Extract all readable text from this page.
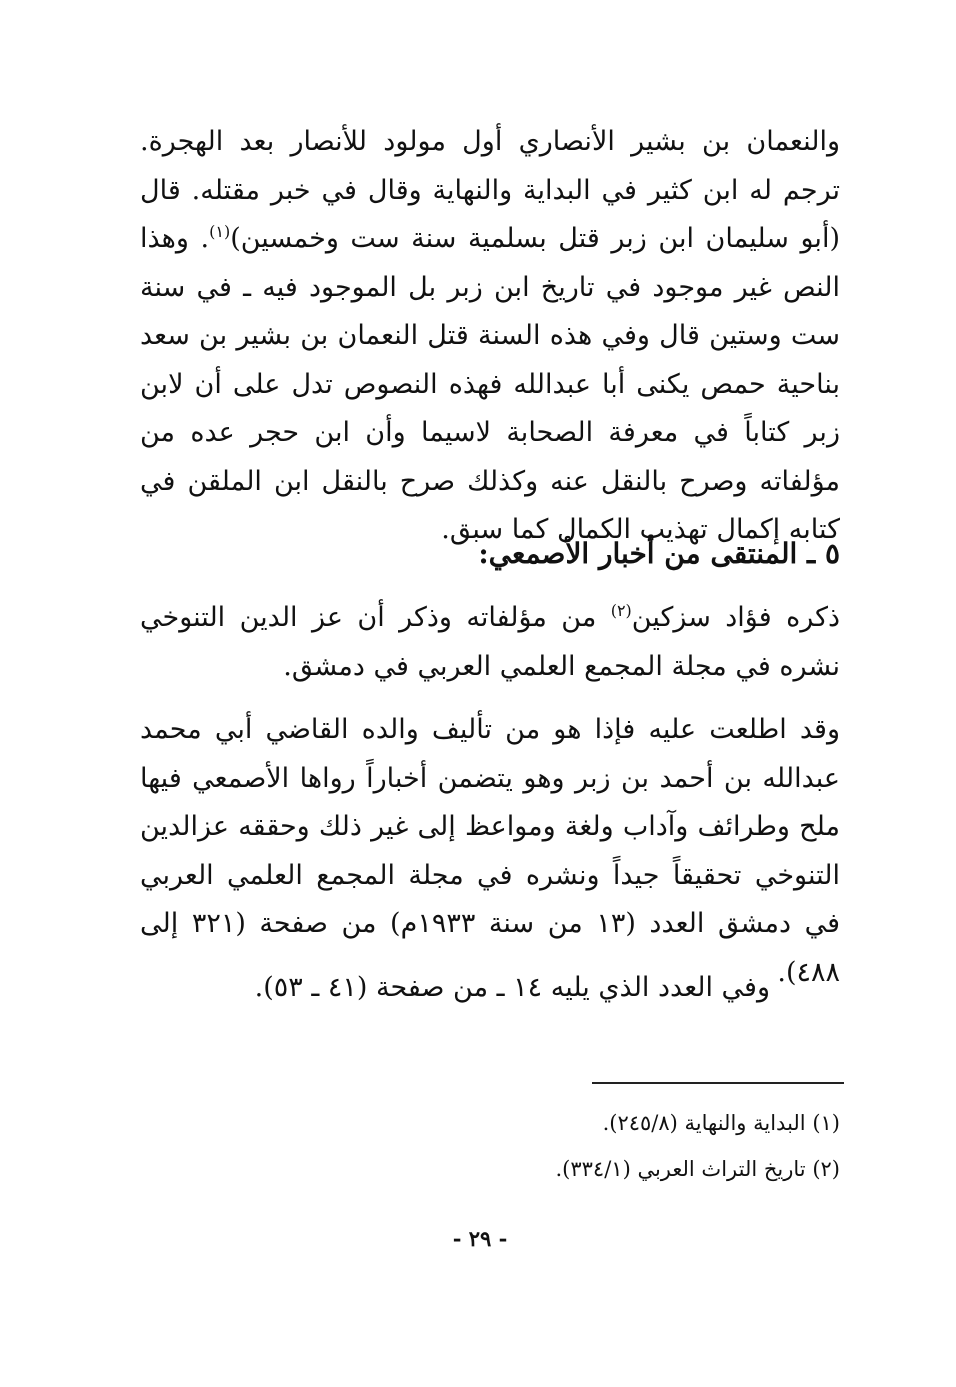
والنعمان بن بشير الأنصاري أول مولود للأنصار بعد الهجرة. ترجم له ابن كثير في البداية والنهاية وقال في خبر مقتله. قال (أبو سليمان ابن زبر قتل بسلمية سنة ست وخمسين)$^{(١)}$. وهذا النص غير موجود في تاريخ ابن زبر بل الموجود فيه ـ في سنة ست وستين قال وفي هذه السنة قتل النعمان بن بشير بن سعد بناحية حمص يكنى أبا عبدالله فهذه النصوص تدل على أن لابن زبر كتاباً في معرفة الصحابة لاسيما وأن ابن حجر عده من مؤلفاته وصرح بالنقل عنه وكذلك صرح بالنقل ابن الملقن في كتابه إكمال تهذيب الكمال كما سبق.

٥ ـ المنتقى من أخبار الأصمعي:

ذكره فؤاد سزكين$^{(٢)}$ من مؤلفاته وذكر أن عز الدين التنوخي نشره في مجلة المجمع العلمي العربي في دمشق.

وقد اطلعت عليه فإذا هو من تأليف والده القاضي أبي محمد عبدالله بن أحمد بن زبر وهو يتضمن أخباراً رواها الأصمعي فيها ملح وطرائف وآداب ولغة ومواعظ إلى غير ذلك وحققه عزالدين التنوخي تحقيقاً جيداً ونشره في مجلة المجمع العلمي العربي في دمشق العدد (١٣ من سنة ١٩٣٣م) من صفحة (٣٢١ إلى ٤٨٨).

وفي العدد الذي يليه ١٤ ـ من صفحة (٤١ ـ ٥٣).

(١) البداية والنهاية (٢٤٥/٨).

(٢) تاريخ التراث العربي (٣٣٤/١).

- ٢٩ -
